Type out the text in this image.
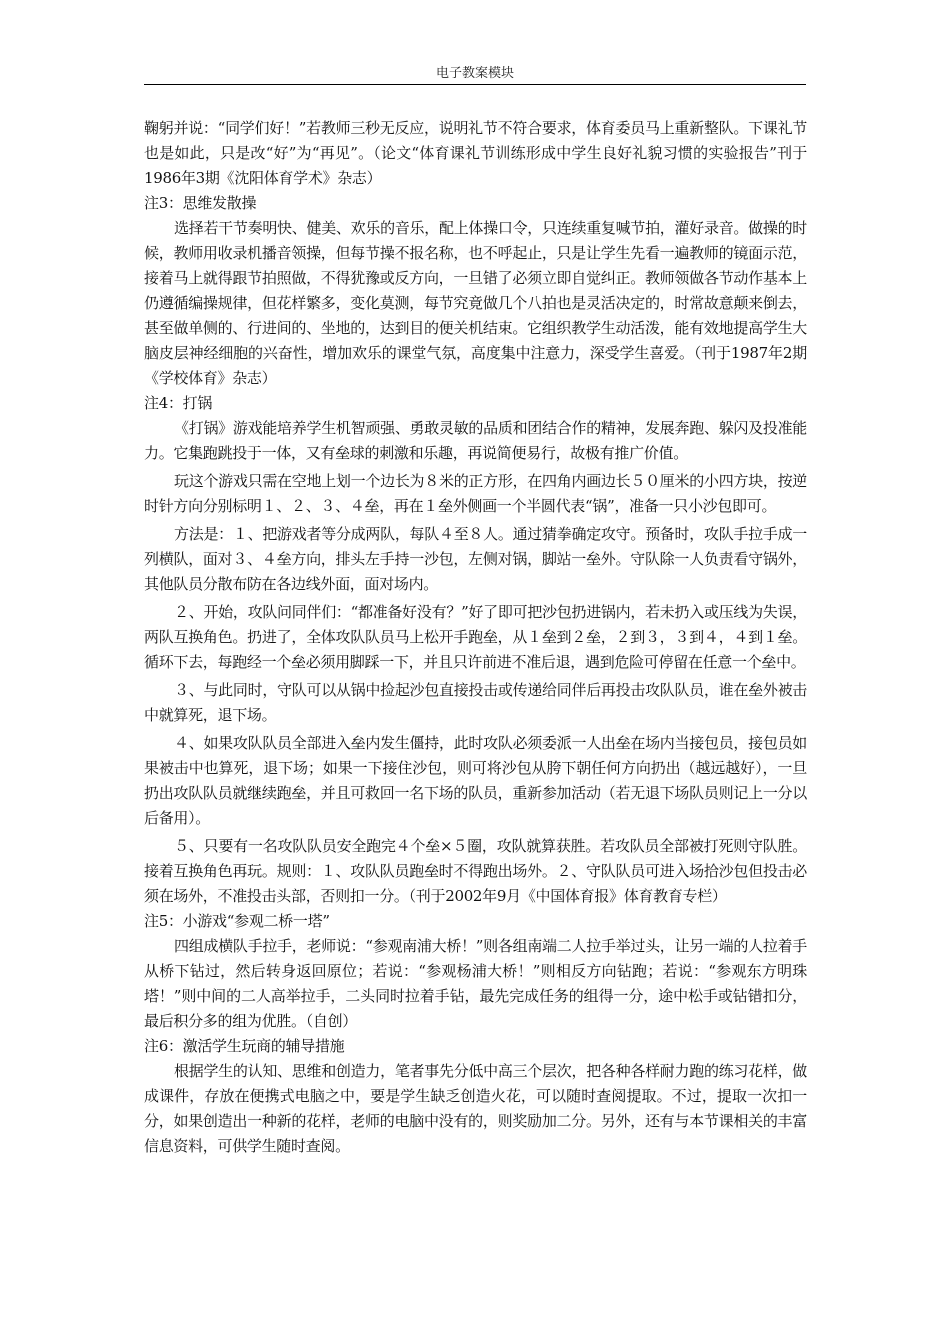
电子教案模块

鞠躬并说：“同学们好！”若教师三秒无反应，说明礼节不符合要求，体育委员马上重新整队。下课礼节也是如此，只是改“好”为“再见”。（论文“体育课礼节训练形成中学生良好礼貌习惯的实验报告”刊于1986年3期《沈阳体育学术》杂志）

注3：思维发散操

选择若干节奏明快、健美、欢乐的音乐，配上体操口令，只连续重复喊节拍，灌好录音。做操的时候，教师用收录机播音领操，但每节操不报名称，也不呼起止，只是让学生先看一遍教师的镜面示范，接着马上就得跟节拍照做，不得犹豫或反方向，一旦错了必须立即自觉纠正。教师领做各节动作基本上仍遵循编操规律，但花样繁多，变化莫测，每节究竟做几个八拍也是灵活决定的，时常故意颠来倒去，甚至做单侧的、行进间的、坐地的，达到目的便关机结束。它组织教学生动活泼，能有效地提高学生大脑皮层神经细胞的兴奋性，增加欢乐的课堂气氛，高度集中注意力，深受学生喜爱。（刊于1987年2期《学校体育》杂志）

注4：打锅

《打锅》游戏能培养学生机智顽强、勇敢灵敏的品质和团结合作的精神，发展奔跑、躲闪及投准能力。它集跑跳投于一体，又有垒球的刺激和乐趣，再说简便易行，故极有推广价值。

玩这个游戏只需在空地上划一个边长为８米的正方形，在四角内画边长５０厘米的小四方块，按逆时针方向分别标明１、２、３、４垒，再在１垒外侧画一个半圆代表“锅”，准备一只小沙包即可。

方法是：１、把游戏者等分成两队，每队４至８人。通过猜拳确定攻守。预备时，攻队手拉手成一列横队，面对３、４垒方向，排头左手持一沙包，左侧对锅，脚站一垒外。守队除一人负责看守锅外，其他队员分散布防在各边线外面，面对场内。

２、开始，攻队问同伴们：“都准备好没有？”好了即可把沙包扔进锅内，若未扔入或压线为失误，两队互换角色。扔进了，全体攻队队员马上松开手跑垒，从１垒到２垒，２到３，３到４，４到１垒。循环下去，每跑经一个垒必须用脚踩一下，并且只许前进不准后退，遇到危险可停留在任意一个垒中。

３、与此同时，守队可以从锅中捡起沙包直接投击或传递给同伴后再投击攻队队员，谁在垒外被击中就算死，退下场。

４、如果攻队队员全部进入垒内发生僵持，此时攻队必须委派一人出垒在场内当接包员，接包员如果被击中也算死，退下场；如果一下接住沙包，则可将沙包从胯下朝任何方向扔出（越远越好），一旦扔出攻队队员就继续跑垒，并且可救回一名下场的队员，重新参加活动（若无退下场队员则记上一分以后备用）。

５、只要有一名攻队队员安全跑完４个垒×５圈，攻队就算获胜。若攻队员全部被打死则守队胜。接着互换角色再玩。规则：１、攻队队员跑垒时不得跑出场外。２、守队队员可进入场拾沙包但投击必须在场外，不准投击头部，否则扣一分。（刊于2002年9月《中国体育报》体育教育专栏）

注5：小游戏“参观二桥一塔”

四组成横队手拉手，老师说：“参观南浦大桥！”则各组南端二人拉手举过头，让另一端的人拉着手从桥下钻过，然后转身返回原位；若说：“参观杨浦大桥！”则相反方向钻跑；若说：“参观东方明珠塔！”则中间的二人高举拉手，二头同时拉着手钻，最先完成任务的组得一分，途中松手或钻错扣分，最后积分多的组为优胜。（自创）

注6：激活学生玩商的辅导措施

根据学生的认知、思维和创造力，笔者事先分低中高三个层次，把各种各样耐力跑的练习花样，做成课件，存放在便携式电脑之中，要是学生缺乏创造火花，可以随时查阅提取。不过，提取一次扣一分，如果创造出一种新的花样，老师的电脑中没有的，则奖励加二分。另外，还有与本节课相关的丰富信息资料，可供学生随时查阅。
